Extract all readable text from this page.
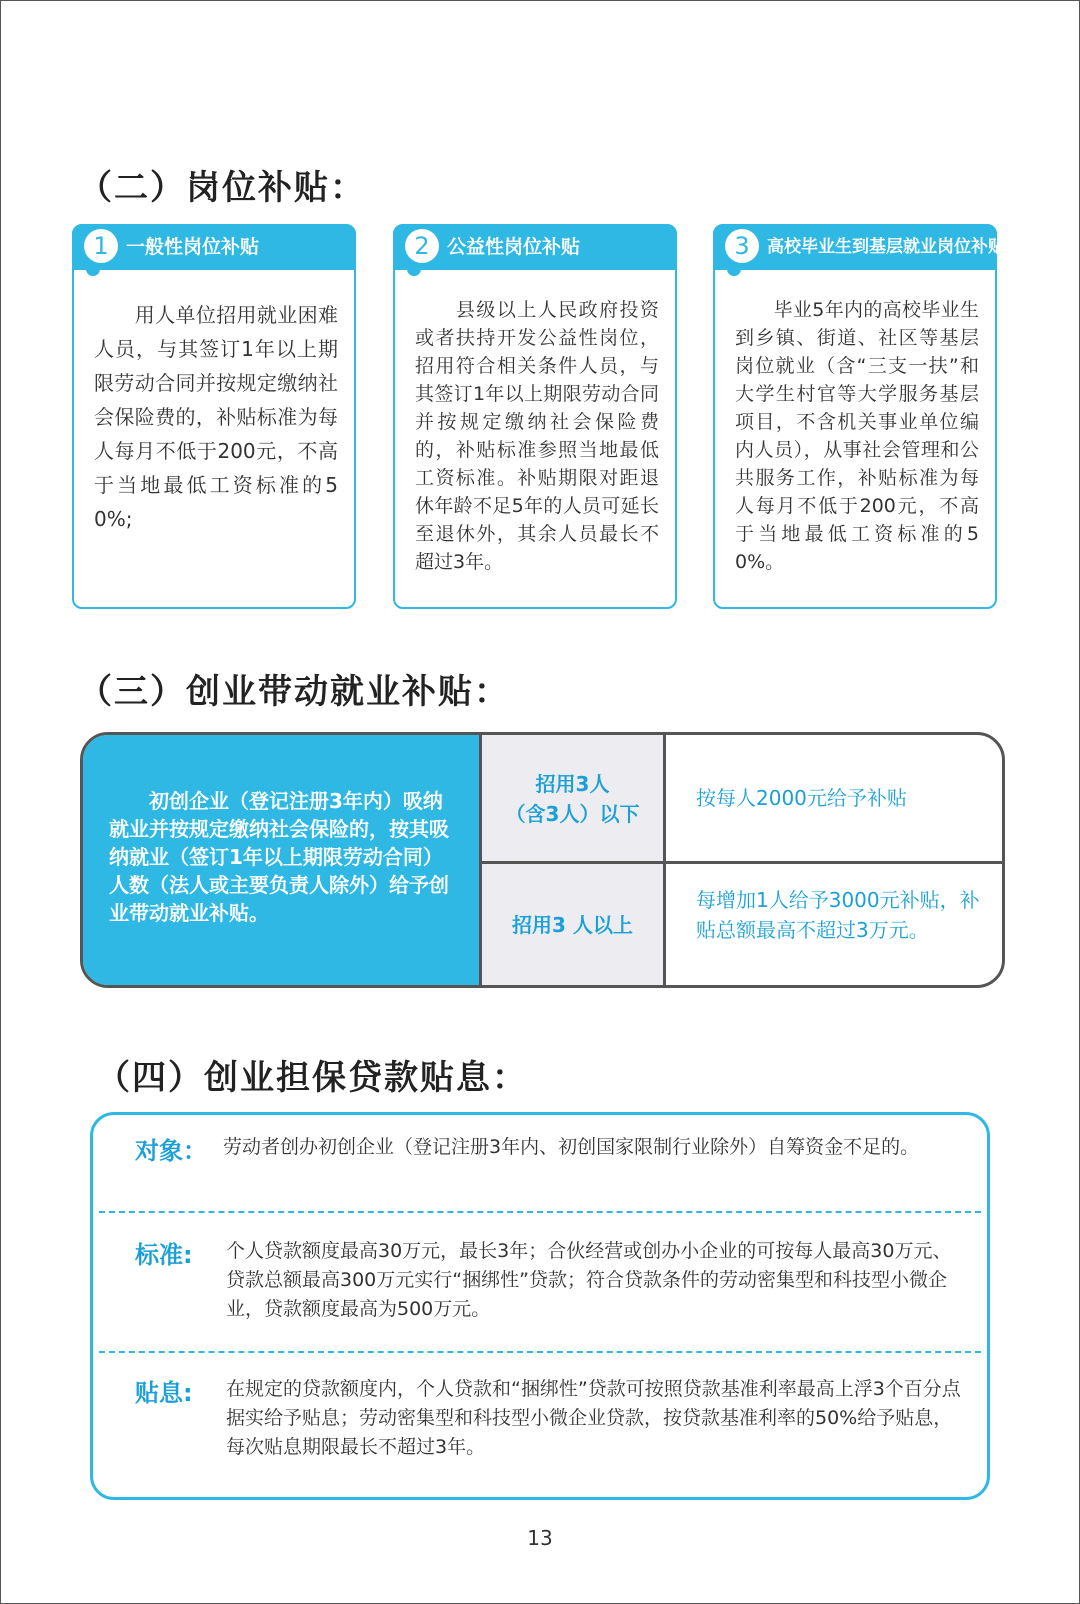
（二）岗位补贴：
1 一般性岗位补贴
　　用人单位招用就业困难人员，与其签订1年以上期限劳动合同并按规定缴纳社会保险费的，补贴标准为每人每月不低于200元，不高于当地最低工资标准的50%;
2 公益性岗位补贴
　　县级以上人民政府投资或者扶持开发公益性岗位，招用符合相关条件人员，与其签订1年以上期限劳动合同并按规定缴纳社会保险费的，补贴标准参照当地最低工资标准。补贴期限对距退休年龄不足5年的人员可延长至退休外，其余人员最长不超过3年。
3	高校毕业生到基层就业岗位补贴
　　毕业5年内的高校毕业生到乡镇、街道、社区等基层岗位就业（含“三支一扶”和大学生村官等大学服务基层项目，不含机关事业单位编内人员），从事社会管理和公共服务工作，补贴标准为每人每月不低于200元，不高于当地最低工资标准的50%。
（三）创业带动就业补贴：
　　初创企业（登记注册3年内）吸纳就业并按规定缴纳社会保险的，按其吸纳就业（签订1年以上期限劳动合同）人数（法人或主要负责人除外）给予创业带动就业补贴。
招用3人
（含3人）以下
招用3 人以上
按每人2000元给予补贴
每增加1人给予3000元补贴，补贴总额最高不超过3万元。
（四）创业担保贷款贴息：
对象： 劳动者创办初创企业（登记注册3年内、初创国家限制行业除外）自筹资金不足的。
标准: 个人贷款额度最高30万元，最长3年；合伙经营或创办小企业的可按每人最高30万元、贷款总额最高300万元实行“捆绑性”贷款；符合贷款条件的劳动密集型和科技型小微企业，贷款额度最高为500万元。
贴息: 在规定的贷款额度内，个人贷款和“捆绑性”贷款可按照贷款基准利率最高上浮3个百分点据实给予贴息；劳动密集型和科技型小微企业贷款，按贷款基准利率的50%给予贴息，每次贴息期限最长不超过3年。
13
